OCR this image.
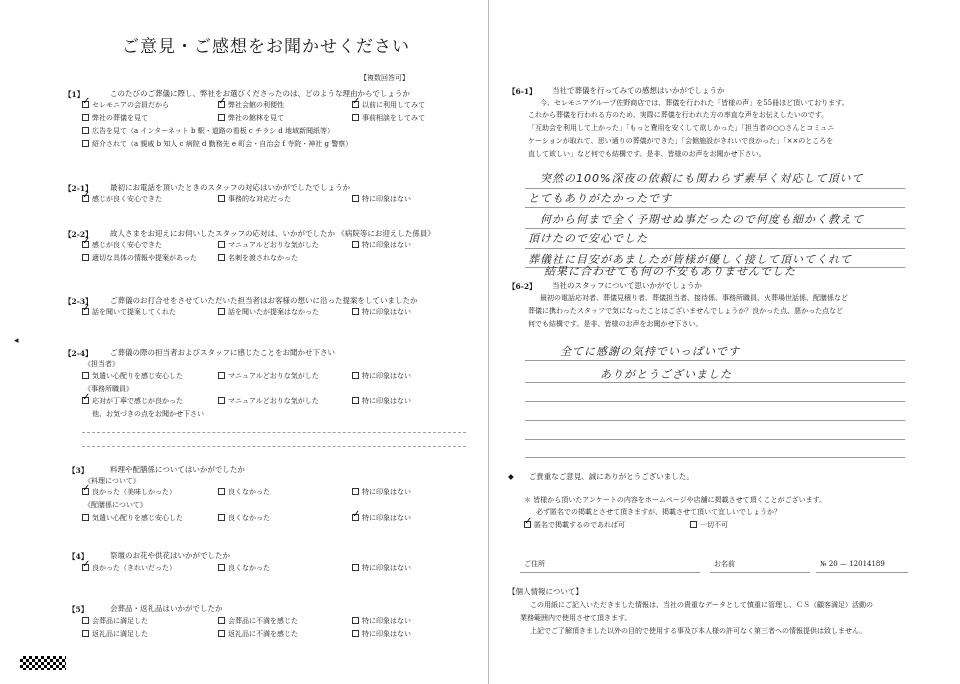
◂
ご意見・ご感想をお聞かせください
【複数回答可】
【1】	このたびのご葬儀に際し、弊社をお選びくださったのは、どのような理由からでしょうか
✓セレモニアの会員だから ✓	弊社会館の利便性 ✓	以前に利用してみて
弊社の葬儀を見て	弊社の館林を見て	事前相談をしてみて
広告を見て（a インターネット b 駅・道路の看板 c チラシ d 地域新聞紙等）
紹介されて（a 親戚 b 知人 c 病院 d 勤務先 e 町会・自治会 f 寺院・神社 g 警察）
【2-1】 最初にお電話を頂いたときのスタッフの対応はいかがでしたでしょうか
✓感じが良く安心できた	事務的な対応だった	特に印象はない
【2-2】 故人さまをお迎えにお伺いしたスタッフの応対は、いかがでしたか 《病院等にお迎えした係員》
✓感じが良く安心できた	マニュアルどおりな気がした	特に印象はない
適切な具体の情報や提案があった	名刺を渡されなかった
【2-3】 ご葬儀のお打合せをさせていただいた担当者はお客様の想いに沿った提案をしていましたか
✓話を聞いて提案してくれた	話を聞いたが提案はなかった	特に印象はない
【2-4】 ご葬儀の際の担当者およびスタッフに感じたことをお聞かせ下さい
《担当者》
気遣い心配りを感じ安心した	マニュアルどおりな気がした	特に印象はない
《事務所職員》
✓応対が丁寧で感じが良かった	マニュアルどおりな気がした	特に印象はない
他、お気づきの点をお聞かせ下さい
【3】	料理や配膳係についてはいかがでしたか
《料理について》
✓良かった（美味しかった）	良くなかった	特に印象はない
《配膳係について》
気遣い心配りを感じ安心した	良くなかった ✓	特に印象はない
【4】	祭壇のお花や供花はいかがでしたか
✓良かった（きれいだった）	良くなかった	特に印象はない
【5】	会葬品・返礼品はいかがでしたか
会葬品に満足した	会葬品に不満を感じた	特に印象はない
返礼品に満足した	返礼品に不満を感じた	特に印象はない
【6-1】 当社で葬儀を行ってみての感想はいかがでしょうか
今、セレモニアグループ佐野商店では、葬儀を行われた「皆様の声」を55冊ほど頂いております。
これから葬儀を行われる方のため、実際に葬儀を行われた方の率直な声をお伝えしたいのです。
「互助会を利用して上かった」「もっと費用を安くして欲しかった」「担当者の○○さんとコミュニ
ケーションが取れて、思い通りの葬儀ができた」「会館施設がきれいで良かった」「××のところを
直して欲しい」など何でも結構です。是非、皆様のお声をお聞かせ下さい。
突然の100%深夜の依頼にも関わらず素早く対応して頂いて
とてもありがたかったです
何から何まで全く予期せぬ事だったので何度も細かく教えて
頂けたので安心でした
葬儀社に目安があましたが皆様が優しく接して頂いてくれて
結果に合わせても何の不安もありませんでした
【6-2】 当社のスタッフについて思いかがでしょうか
最初の電話応対者、葬儀見積り者、葬儀担当者、接待係、事務所職員、火葬場世話係、配膳係など
葬儀に携わったスタッフで気になったことはございませんでしょうか？良かった点、悪かった点など
何でも結構です。是非、皆様のお声をお聞かせ下さい。
全てに感謝の気持でいっぱいです
ありがとうございました
◆　　 ご貴重なご意見、誠にありがとうございました。
＊ 皆様から頂いたアンケートの内容をホームページや店舗に掲載させて頂くことがございます。
必ず匿名での掲載とさせて頂きますが、掲載させて頂いて宜しいでしょうか？
✓匿名で掲載するのであれば可	一切不可
ご住所	お名前	№ 20 — 12014189
【個人情報について】
この用紙にご記入いただきました情報は、当社の貴重なデータとして慎重に管理し、ＣＳ（顧客満足）活動の
業務範囲内で使用させて頂きます。
上記でご了解頂きました以外の目的で使用する事及び本人様の許可なく第三者への情報提供は致しません。
